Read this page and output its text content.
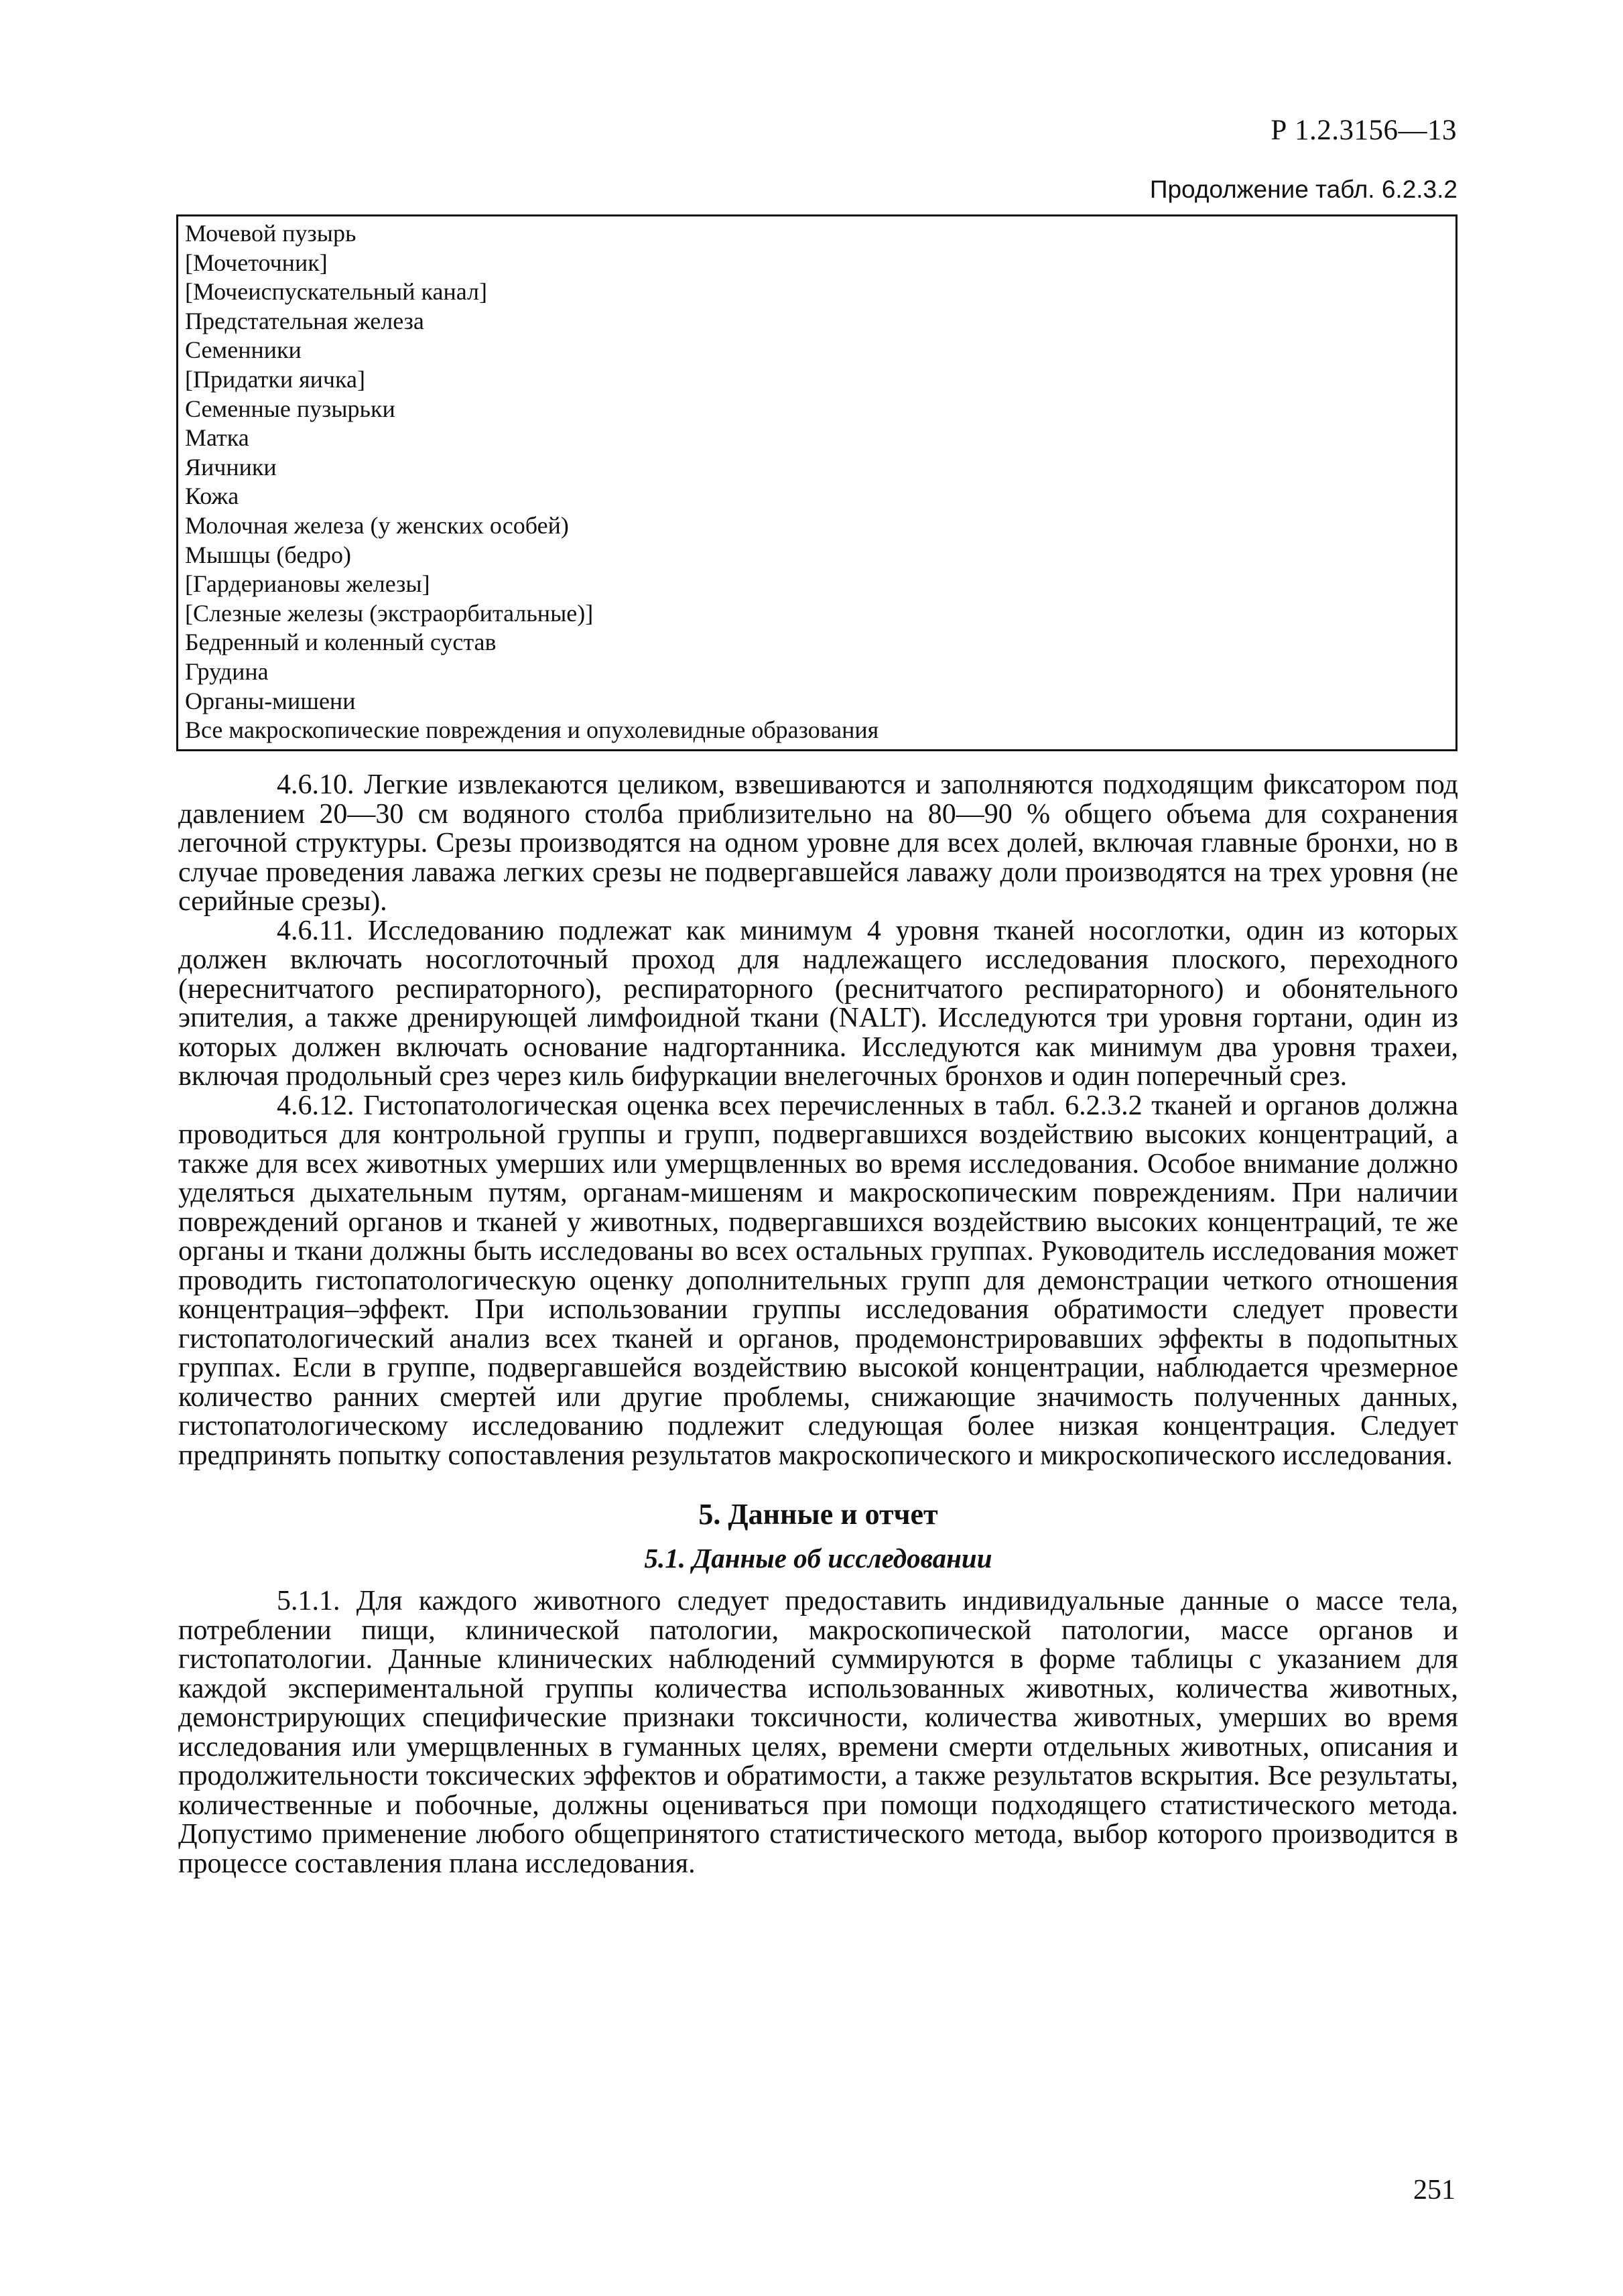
Р 1.2.3156—13

Продолжение табл. 6.2.3.2

Мочевой пузырь
[Мочеточник]
[Мочеиспускательный канал]
Предстательная железа
Семенники
[Придатки яичка]
Семенные пузырьки
Матка
Яичники
Кожа
Молочная железа (у женских особей)
Мышцы (бедро)
[Гардериановы железы]
[Слезные железы (экстраорбитальные)]
Бедренный и коленный сустав
Грудина
Органы-мишени
Все макроскопические повреждения и опухолевидные образования

4.6.10. Легкие извлекаются целиком, взвешиваются и заполняются подходящим фиксатором под давлением 20—30 см водяного столба приблизительно на 80—90 % общего объема для сохранения легочной структуры. Срезы производятся на одном уровне для всех долей, включая главные бронхи, но в случае проведения лаважа легких срезы не подвергавшейся лаважу доли производятся на трех уровня (не серийные срезы).

4.6.11. Исследованию подлежат как минимум 4 уровня тканей носоглотки, один из которых должен включать носоглоточный проход для надлежащего исследования плоского, переходного (нереснитчатого респираторного), респираторного (реснитчатого респираторного) и обонятельного эпителия, а также дренирующей лимфоидной ткани (NALT). Исследуются три уровня гортани, один из которых должен включать основание надгортанника. Исследуются как минимум два уровня трахеи, включая продольный срез через киль бифуркации внелегочных бронхов и один поперечный срез.

4.6.12. Гистопатологическая оценка всех перечисленных в табл. 6.2.3.2 тканей и органов должна проводиться для контрольной группы и групп, подвергавшихся воздействию высоких концентраций, а также для всех животных умерших или умерщвленных во время исследования. Особое внимание должно уделяться дыхательным путям, органам-мишеням и макроскопическим повреждениям. При наличии повреждений органов и тканей у животных, подвергавшихся воздействию высоких концентраций, те же органы и ткани должны быть исследованы во всех остальных группах. Руководитель исследования может проводить гистопатологическую оценку дополнительных групп для демонстрации четкого отношения концентрация–эффект. При использовании группы исследования обратимости следует провести гистопатологический анализ всех тканей и органов, продемонстрировавших эффекты в подопытных группах. Если в группе, подвергавшейся воздействию высокой концентрации, наблюдается чрезмерное количество ранних смертей или другие проблемы, снижающие значимость полученных данных, гистопатологическому исследованию подлежит следующая более низкая концентрация. Следует предпринять попытку сопоставления результатов макроскопического и микроскопического исследования.

5. Данные и отчет
5.1. Данные об исследовании

5.1.1. Для каждого животного следует предоставить индивидуальные данные о массе тела, потреблении пищи, клинической патологии, макроскопической патологии, массе органов и гистопатологии. Данные клинических наблюдений суммируются в форме таблицы с указанием для каждой экспериментальной группы количества использованных животных, количества животных, демонстрирующих специфические признаки токсичности, количества животных, умерших во время исследования или умерщвленных в гуманных целях, времени смерти отдельных животных, описания и продолжительности токсических эффектов и обратимости, а также результатов вскрытия. Все результаты, количественные и побочные, должны оцениваться при помощи подходящего статистического метода. Допустимо применение любого общепринятого статистического метода, выбор которого производится в процессе составления плана исследования.

251
